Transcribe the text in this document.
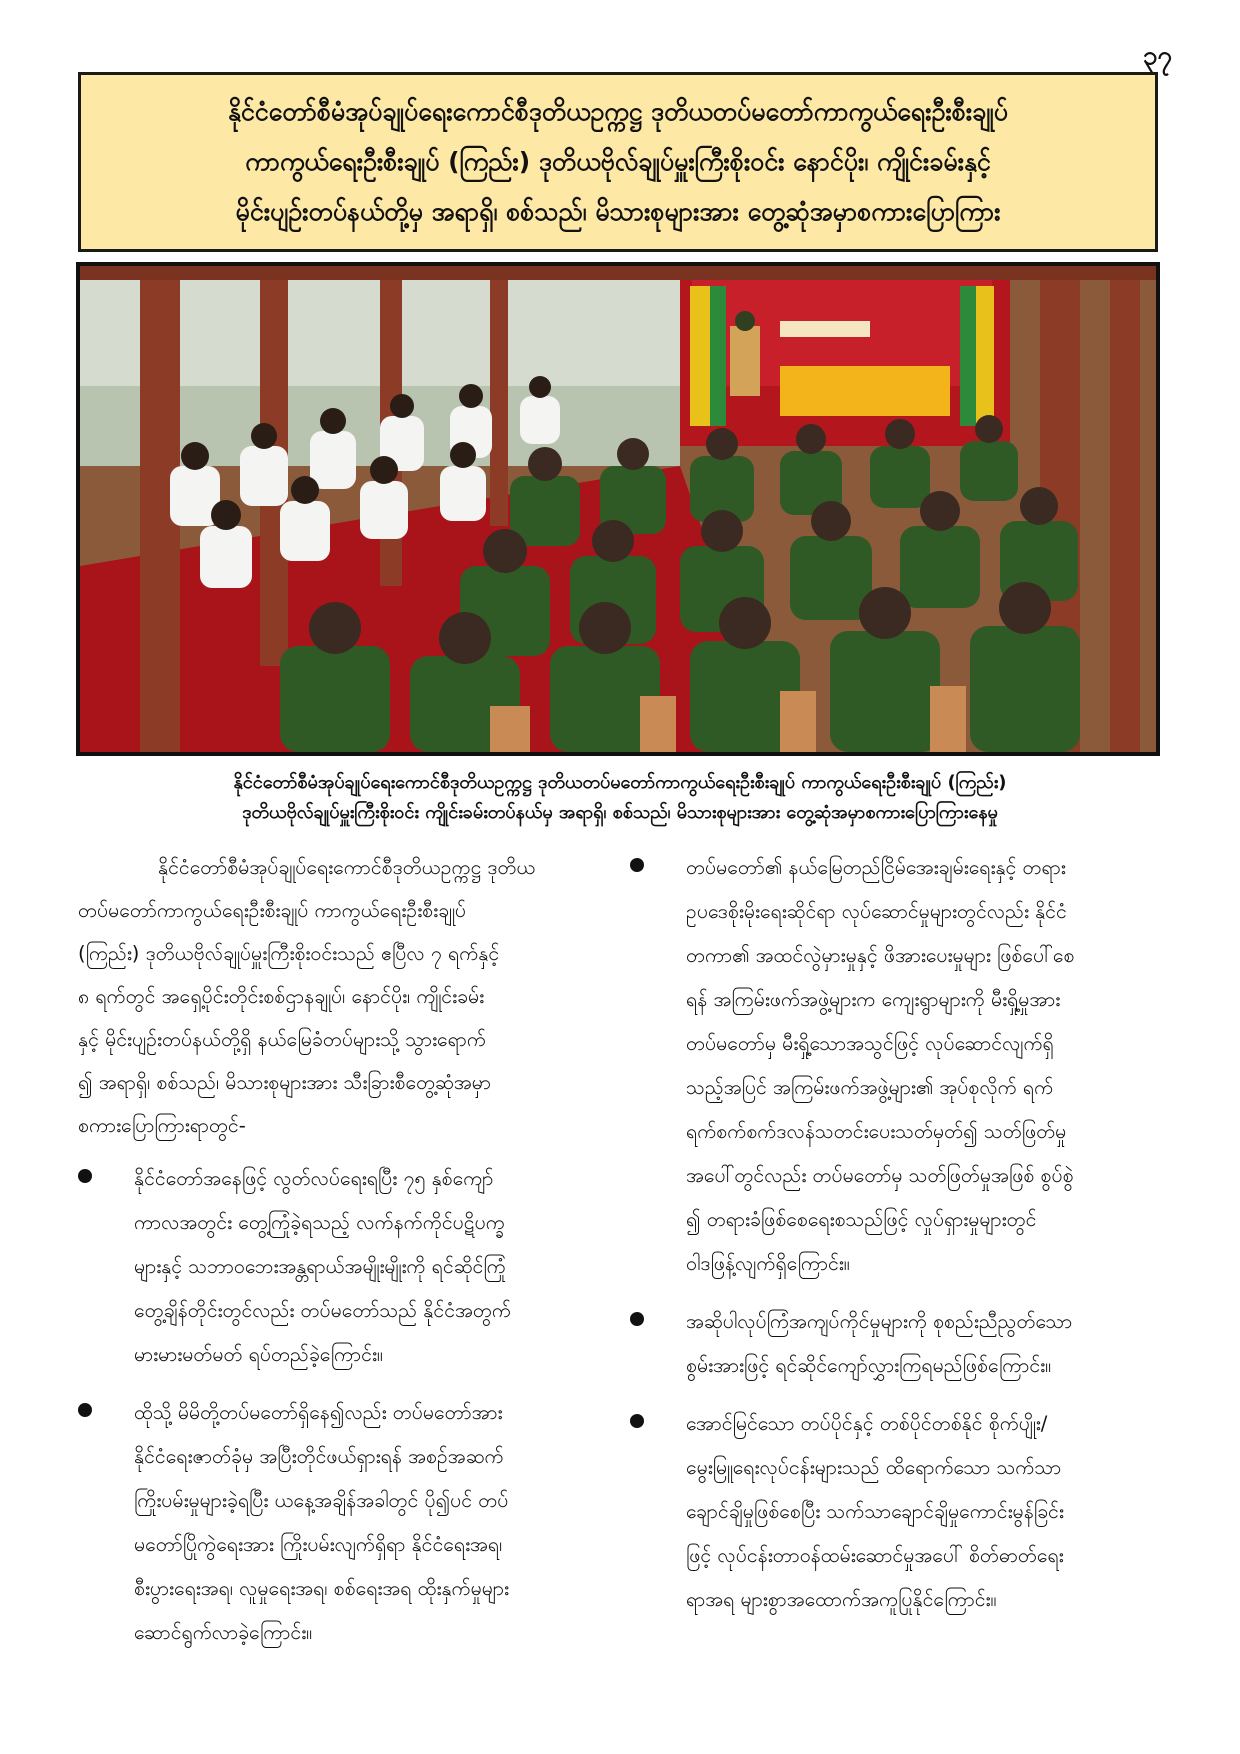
၃၇
နိုင်ငံတော်စီမံအုပ်ချုပ်ရေးကောင်စီဒုတိယဥက္ကဋ္ဌ ဒုတိယတပ်မတော်ကာကွယ်ရေးဦးစီးချုပ်
ကာကွယ်ရေးဦးစီးချုပ် (ကြည်း) ဒုတိယဗိုလ်ချုပ်မှူးကြီးစိုးဝင်း နောင်ပိုး၊ ကျိုင်းခမ်းနှင့်
မိုင်းပျဉ်းတပ်နယ်တို့မှ အရာရှိ၊ စစ်သည်၊ မိသားစုများအား တွေ့ဆုံအမှာစကားပြောကြား
နိုင်ငံတော်စီမံအုပ်ချုပ်ရေးကောင်စီဒုတိယဥက္ကဋ္ဌ ဒုတိယတပ်မတော်ကာကွယ်ရေးဦးစီးချုပ် ကာကွယ်ရေးဦးစီးချုပ် (ကြည်း)
ဒုတိယဗိုလ်ချုပ်မှူးကြီးစိုးဝင်း ကျိုင်းခမ်းတပ်နယ်မှ အရာရှိ၊ စစ်သည်၊ မိသားစုများအား တွေ့ဆုံအမှာစကားပြောကြားနေမှု
နိုင်ငံတော်စီမံအုပ်ချုပ်ရေးကောင်စီဒုတိယဥက္ကဋ္ဌ ဒုတိယ
တပ်မတော်ကာကွယ်ရေးဦးစီးချုပ် ကာကွယ်ရေးဦးစီးချုပ်
(ကြည်း) ဒုတိယဗိုလ်ချုပ်မှူးကြီးစိုးဝင်းသည် ဧပြီလ ၇ ရက်နှင့်
၈ ရက်တွင် အရှေ့ပိုင်းတိုင်းစစ်ဌာနချုပ်၊ နောင်ပိုး၊ ကျိုင်းခမ်း
နှင့် မိုင်းပျဉ်းတပ်နယ်တို့ရှိ နယ်မြေခံတပ်များသို့ သွားရောက်
၍ အရာရှိ၊ စစ်သည်၊ မိသားစုများအား သီးခြားစီတွေ့ဆုံအမှာ
စကားပြောကြားရာတွင်-
နိုင်ငံတော်အနေဖြင့် လွတ်လပ်ရေးရပြီး ၇၅ နှစ်ကျော်
ကာလအတွင်း တွေ့ကြုံခဲ့ရသည့် လက်နက်ကိုင်ပဋိပက္ခ
များနှင့် သဘာဝဘေးအန္တရာယ်အမျိုးမျိုးကို ရင်ဆိုင်ကြုံ
တွေ့ချိန်တိုင်းတွင်လည်း တပ်မတော်သည် နိုင်ငံအတွက်
မားမားမတ်မတ် ရပ်တည်ခဲ့ကြောင်း။
ထိုသို့ မိမိတို့တပ်မတော်ရှိနေ၍လည်း တပ်မတော်အား
နိုင်ငံရေးဇာတ်ခုံမှ အပြီးတိုင်ဖယ်ရှားရန် အစဉ်အဆက်
ကြိုးပမ်းမှုများခဲ့ရပြီး ယနေ့အချိန်အခါတွင် ပို၍ပင် တပ်
မတော်ပြိုကွဲရေးအား ကြိုးပမ်းလျက်ရှိရာ နိုင်ငံရေးအရ၊
စီးပွားရေးအရ၊ လူမှုရေးအရ၊ စစ်ရေးအရ ထိုးနှက်မှုများ
ဆောင်ရွက်လာခဲ့ကြောင်း။
တပ်မတော်၏ နယ်မြေတည်ငြိမ်အေးချမ်းရေးနှင့် တရား
ဥပဒေစိုးမိုးရေးဆိုင်ရာ လုပ်ဆောင်မှုများတွင်လည်း နိုင်ငံ
တကာ၏ အထင်လွဲမှားမှုနှင့် ဖိအားပေးမှုများ ဖြစ်ပေါ်စေ
ရန် အကြမ်းဖက်အဖွဲ့များက ကျေးရွာများကို မီးရှို့မှုအား
တပ်မတော်မှ မီးရှို့သောအသွင်ဖြင့် လုပ်ဆောင်လျက်ရှိ
သည့်အပြင် အကြမ်းဖက်အဖွဲ့များ၏ အုပ်စုလိုက် ရက်
ရက်စက်စက်ဒလန်သတင်းပေးသတ်မှတ်၍ သတ်ဖြတ်မှု
အပေါ်တွင်လည်း တပ်မတော်မှ သတ်ဖြတ်မှုအဖြစ် စွပ်စွဲ
၍ တရားခံဖြစ်စေရေးစသည်ဖြင့် လှုပ်ရှားမှုများတွင်
ဝါဒဖြန့်လျက်ရှိကြောင်း။
အဆိုပါလုပ်ကြံအကျပ်ကိုင်မှုများကို စုစည်းညီညွတ်သော
စွမ်းအားဖြင့် ရင်ဆိုင်ကျော်လွှားကြရမည်ဖြစ်ကြောင်း။
အောင်မြင်သော တပ်ပိုင်နှင့် တစ်ပိုင်တစ်နိုင် စိုက်ပျိုး/
မွေးမြူရေးလုပ်ငန်းများသည် ထိရောက်သော သက်သာ
ချောင်ချိမှုဖြစ်စေပြီး သက်သာချောင်ချိမှုကောင်းမွန်ခြင်း
ဖြင့် လုပ်ငန်းတာဝန်ထမ်းဆောင်မှုအပေါ် စိတ်ဓာတ်ရေး
ရာအရ များစွာအထောက်အကူပြုနိုင်ကြောင်း။
